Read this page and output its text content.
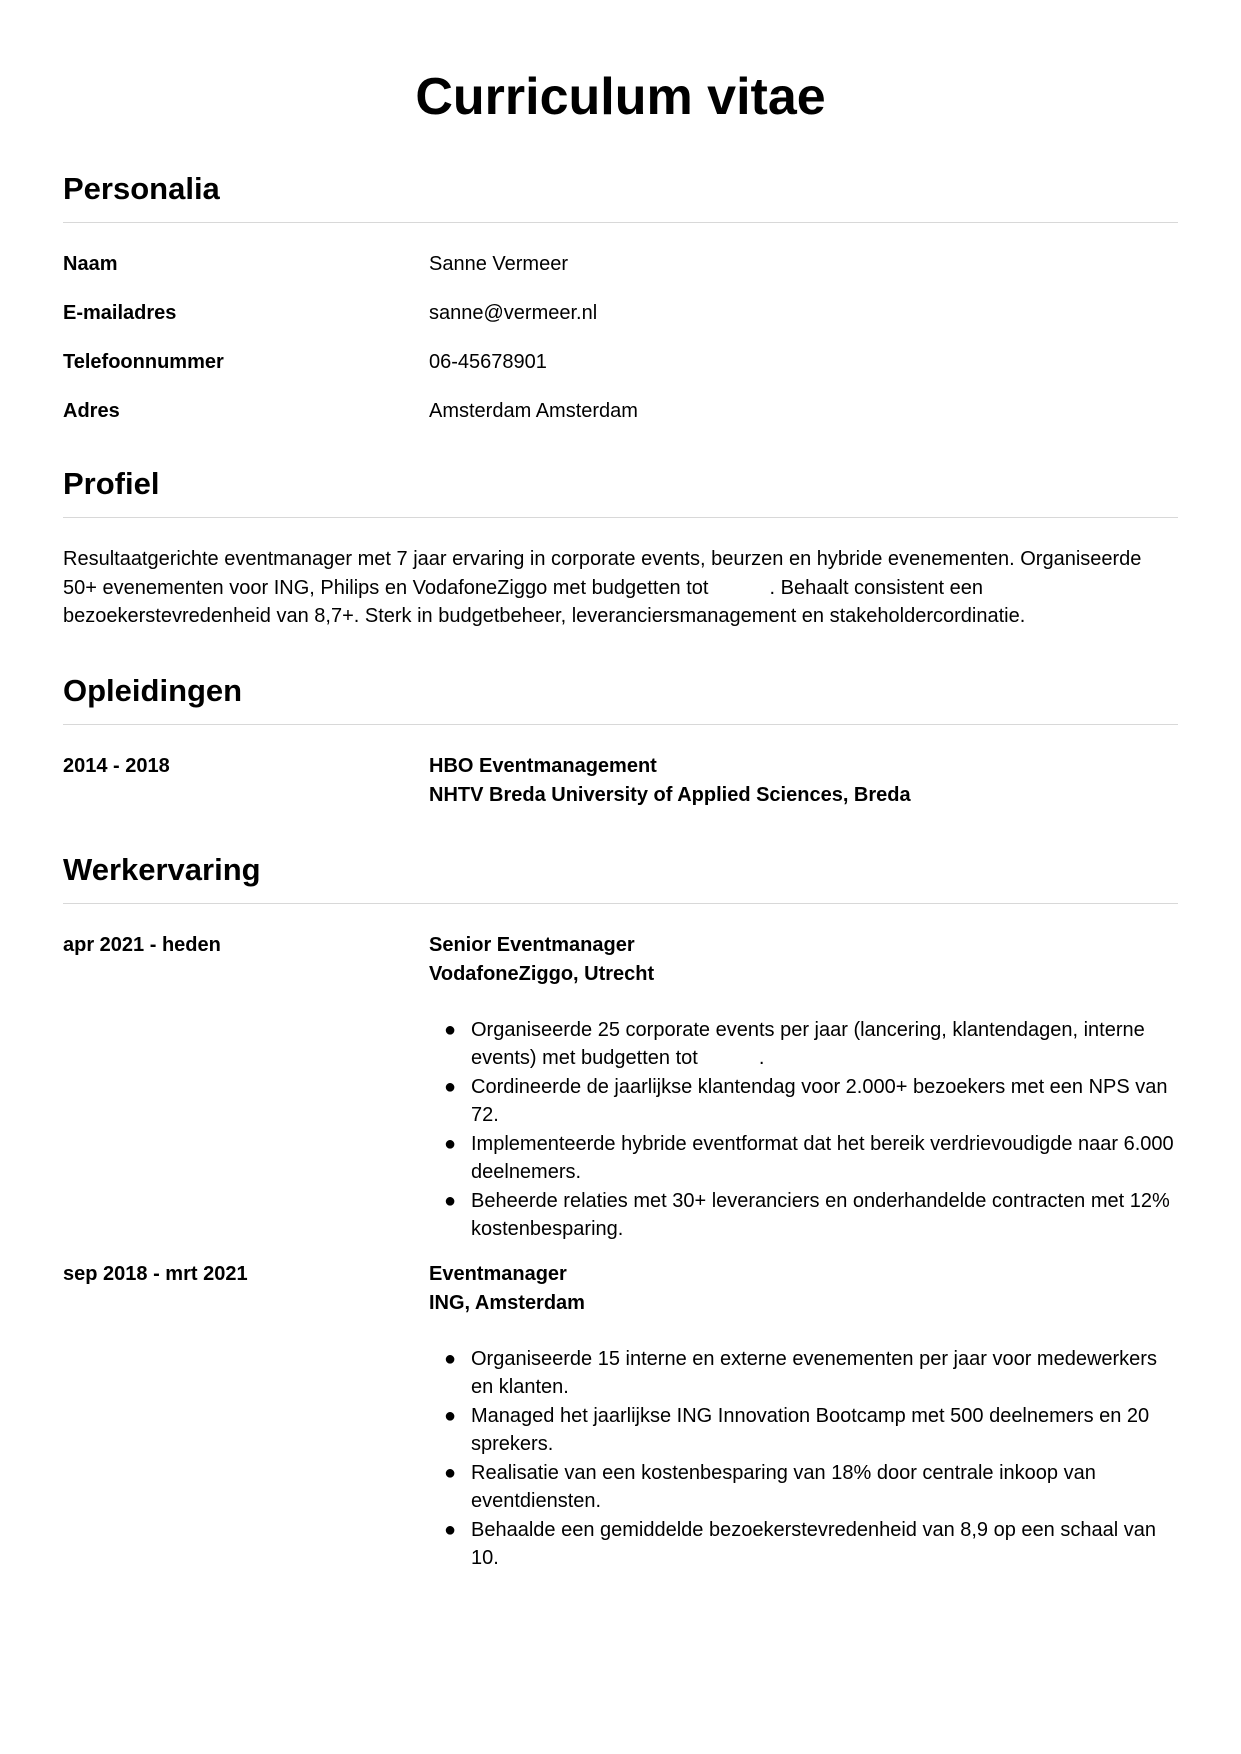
Curriculum vitae
Personalia
Naam	Sanne Vermeer
E-mailadres	sanne@vermeer.nl
Telefoonnummer	06-45678901
Adres	Amsterdam Amsterdam
Profiel

Resultaatgerichte eventmanager met 7 jaar ervaring in corporate events, beurzen en hybride evenementen. Organiseerde 50+ evenementen voor ING, Philips en VodafoneZiggo met budgetten tot           . Behaalt consistent een bezoekerstevredenheid van 8,7+. Sterk in budgetbeheer, leveranciersmanagement en stakeholdercordinatie.

Opleidingen
2014 - 2018	HBO Eventmanagement
NHTV Breda University of Applied Sciences, Breda
Werkervaring
apr 2021 - heden	Senior Eventmanager
VodafoneZiggo, Utrecht
● Organiseerde 25 corporate events per jaar (lancering, klantendagen, interne events) met budgetten tot           .
● Cordineerde de jaarlijkse klantendag voor 2.000+ bezoekers met een NPS van 72.
● Implementeerde hybride eventformat dat het bereik verdrievoudigde naar 6.000 deelnemers.
● Beheerde relaties met 30+ leveranciers en onderhandelde contracten met 12% kostenbesparing.
sep 2018 - mrt 2021	Eventmanager
ING, Amsterdam
● Organiseerde 15 interne en externe evenementen per jaar voor medewerkers en klanten.
● Managed het jaarlijkse ING Innovation Bootcamp met 500 deelnemers en 20 sprekers.
● Realisatie van een kostenbesparing van 18% door centrale inkoop van eventdiensten.
● Behaalde een gemiddelde bezoekerstevredenheid van 8,9 op een schaal van 10.
